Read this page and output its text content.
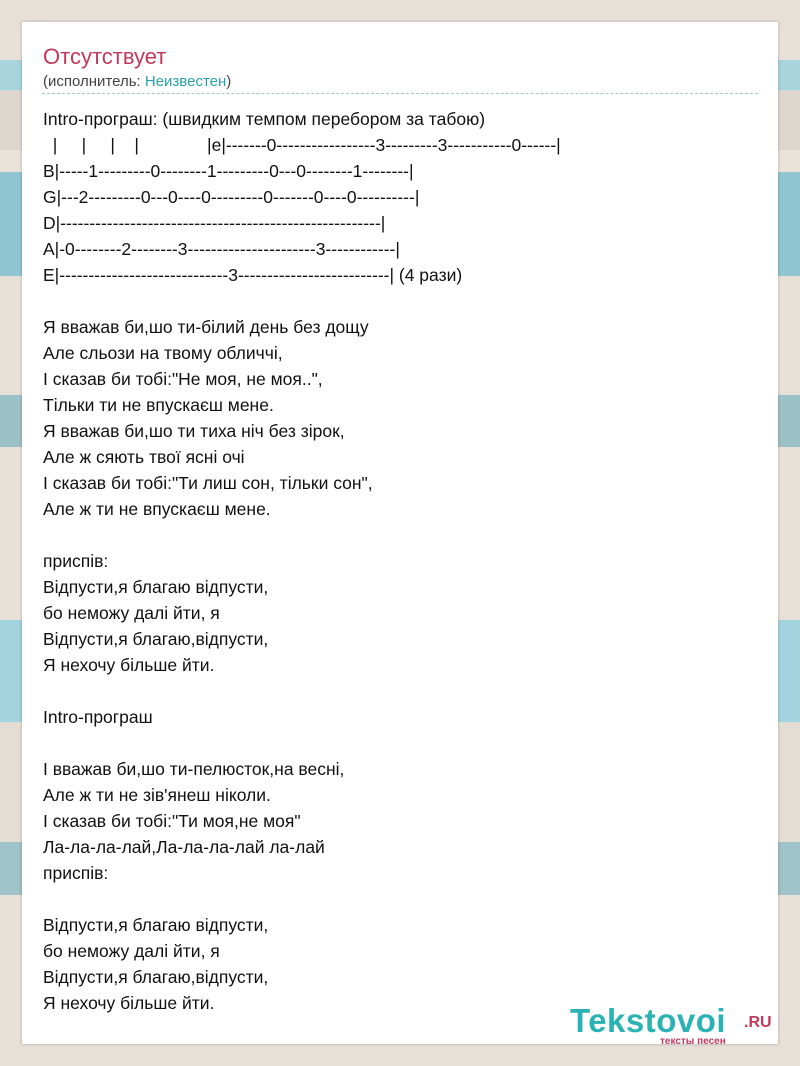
Отсутствует
(исполнитель: Неизвестен)
Intro-програш: (швидким темпом перебором за табою)
|     |     |    |              |e|-------0-----------------3---------3-----------0------|
B|-----1---------0--------1---------0---0--------1--------|
G|---2---------0---0----0---------0-------0----0----------|
D|-------------------------------------------------------|
A|-0--------2--------3----------------------3------------|
E|-----------------------------3--------------------------| (4 рази)
Я вважав би,шо ти-білий день без дощу
Але сльози на твому обличчі,
І сказав би тобі:"Не моя, не моя..",
Тільки ти не впускаєш мене.
Я вважав би,шо ти тиха ніч без зірок,
Але ж сяють твої ясні очі
І сказав би тобі:"Ти лиш сон, тільки сон",
Але ж ти не впускаєш мене.
приспів:
Відпусти,я благаю відпусти,
бо неможу далі йти, я
Відпусти,я благаю,відпусти,
Я нехочу більше йти.
Intro-програш
І вважав би,шо ти-пелюсток,на весні,
Але ж ти не зів'янеш ніколи.
І сказав би тобі:"Ти моя,не моя"
Ла-ла-ла-лай,Ла-ла-ла-лай ла-лай
приспів:
Відпусти,я благаю відпусти,
бо неможу далі йти, я
Відпусти,я благаю,відпусти,
Я нехочу більше йти.	Tekstovoi .RU
тексты песен
